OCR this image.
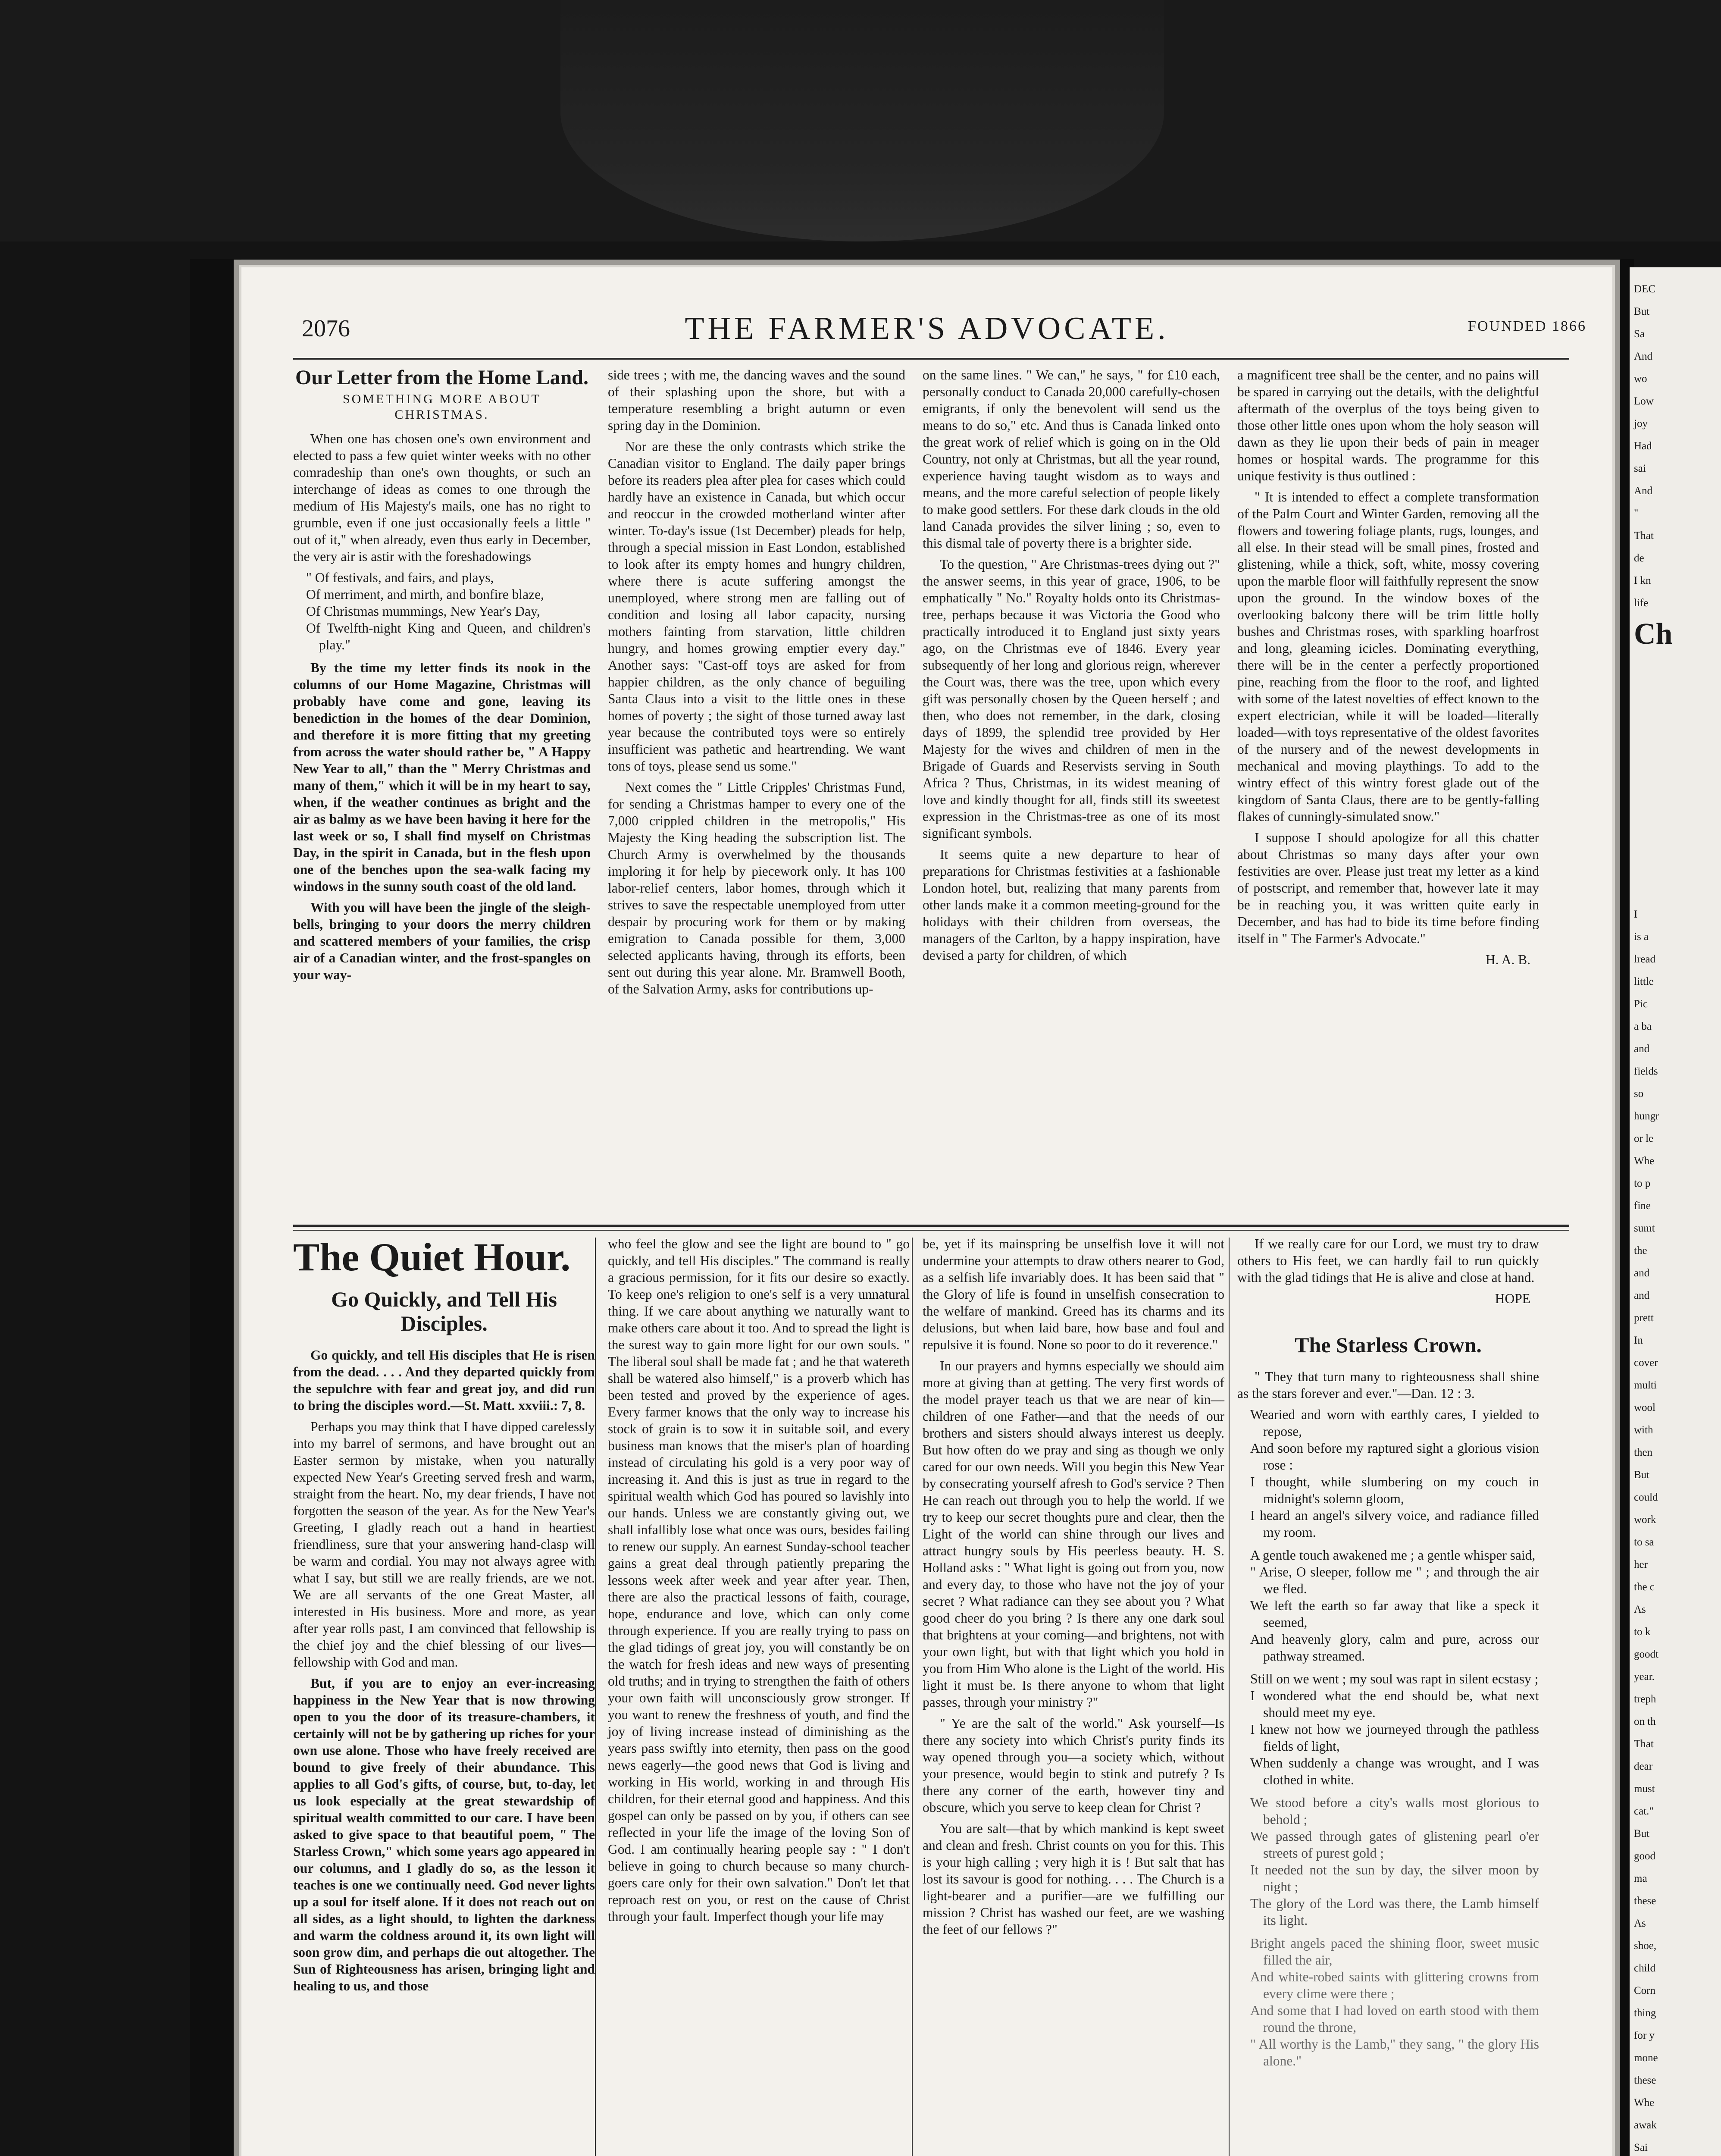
DEC
But
Sa
And
wo
Low
joy
Had
sai
And
"
That
de
I kn
life
Ch
I
is a
lread
little
Pic
a ba
and
fields
so
hungr
or le
Whe
to p
fine
sumt
the
and
and
prett
In
cover
multi
wool
with
then
But
could
work
to sa
her
the c
As
to k
goodt
year.
treph
on th
That
dear
must
cat."
But
good
ma
these
As
shoe,
child
Corn
thing
for y
mone
these
Whe
awak
Sai
2076	THE FARMER'S ADVOCATE.	FOUNDED 1866
Our Letter from the Home Land.
SOMETHING MORE ABOUT CHRISTMAS.

When one has chosen one's own environment and elected to pass a few quiet winter weeks with no other comradeship than one's own thoughts, or such an interchange of ideas as comes to one through the medium of His Majesty's mails, one has no right to grumble, even if one just occasionally feels a little " out of it," when already, even thus early in December, the very air is astir with the foreshadowings

" Of festivals, and fairs, and plays,
Of merriment, and mirth, and bonfire blaze,
Of Christmas mummings, New Year's Day,
Of Twelfth-night King and Queen, and children's play."

By the time my letter finds its nook in the columns of our Home Magazine, Christmas will probably have come and gone, leaving its benediction in the homes of the dear Dominion, and therefore it is more fitting that my greeting from across the water should rather be, " A Happy New Year to all," than the " Merry Christmas and many of them," which it will be in my heart to say, when, if the weather continues as bright and the air as balmy as we have been having it here for the last week or so, I shall find myself on Christmas Day, in the spirit in Canada, but in the flesh upon one of the benches upon the sea-walk facing my windows in the sunny south coast of the old land.

With you will have been the jingle of the sleigh-bells, bringing to your doors the merry children and scattered members of your families, the crisp air of a Canadian winter, and the frost-spangles on your way-

side trees ; with me, the dancing waves and the sound of their splashing upon the shore, but with a temperature resembling a bright autumn or even spring day in the Dominion.

Nor are these the only contrasts which strike the Canadian visitor to England. The daily paper brings before its readers plea after plea for cases which could hardly have an existence in Canada, but which occur and reoccur in the crowded motherland winter after winter. To-day's issue (1st December) pleads for help, through a special mission in East London, established to look after its empty homes and hungry children, where there is acute suffering amongst the unemployed, where strong men are falling out of condition and losing all labor capacity, nursing mothers fainting from starvation, little children hungry, and homes growing emptier every day." Another says: "Cast-off toys are asked for from happier children, as the only chance of beguiling Santa Claus into a visit to the little ones in these homes of poverty ; the sight of those turned away last year because the contributed toys were so entirely insufficient was pathetic and heartrending. We want tons of toys, please send us some."

Next comes the " Little Cripples' Christmas Fund, for sending a Christmas hamper to every one of the 7,000 crippled children in the metropolis," His Majesty the King heading the subscription list. The Church Army is overwhelmed by the thousands imploring it for help by piecework only. It has 100 labor-relief centers, labor homes, through which it strives to save the respectable unemployed from utter despair by procuring work for them or by making emigration to Canada possible for them, 3,000 selected applicants having, through its efforts, been sent out during this year alone. Mr. Bramwell Booth, of the Salvation Army, asks for contributions up-

on the same lines. " We can," he says, " for £10 each, personally conduct to Canada 20,000 carefully-chosen emigrants, if only the benevolent will send us the means to do so," etc. And thus is Canada linked onto the great work of relief which is going on in the Old Country, not only at Christmas, but all the year round, experience having taught wisdom as to ways and means, and the more careful selection of people likely to make good settlers. For these dark clouds in the old land Canada provides the silver lining ; so, even to this dismal tale of poverty there is a brighter side.

To the question, " Are Christmas-trees dying out ?" the answer seems, in this year of grace, 1906, to be emphatically " No." Royalty holds onto its Christmas-tree, perhaps because it was Victoria the Good who practically introduced it to England just sixty years ago, on the Christmas eve of 1846. Every year subsequently of her long and glorious reign, wherever the Court was, there was the tree, upon which every gift was personally chosen by the Queen herself ; and then, who does not remember, in the dark, closing days of 1899, the splendid tree provided by Her Majesty for the wives and children of men in the Brigade of Guards and Reservists serving in South Africa ? Thus, Christmas, in its widest meaning of love and kindly thought for all, finds still its sweetest expression in the Christmas-tree as one of its most significant symbols.

It seems quite a new departure to hear of preparations for Christmas festivities at a fashionable London hotel, but, realizing that many parents from other lands make it a common meeting-ground for the holidays with their children from overseas, the managers of the Carlton, by a happy inspiration, have devised a party for children, of which

a magnificent tree shall be the center, and no pains will be spared in carrying out the details, with the delightful aftermath of the overplus of the toys being given to those other little ones upon whom the holy season will dawn as they lie upon their beds of pain in meager homes or hospital wards. The programme for this unique festivity is thus outlined :

" It is intended to effect a complete transformation of the Palm Court and Winter Garden, removing all the flowers and towering foliage plants, rugs, lounges, and all else. In their stead will be small pines, frosted and glistening, while a thick, soft, white, mossy covering upon the marble floor will faithfully represent the snow upon the ground. In the window boxes of the overlooking balcony there will be trim little holly bushes and Christmas roses, with sparkling hoarfrost and long, gleaming icicles. Dominating everything, there will be in the center a perfectly proportioned pine, reaching from the floor to the roof, and lighted with some of the latest novelties of effect known to the expert electrician, while it will be loaded—literally loaded—with toys representative of the oldest favorites of the nursery and of the newest developments in mechanical and moving playthings. To add to the wintry effect of this wintry forest glade out of the kingdom of Santa Claus, there are to be gently-falling flakes of cunningly-simulated snow."

I suppose I should apologize for all this chatter about Christmas so many days after your own festivities are over. Please just treat my letter as a kind of postscript, and remember that, however late it may be in reaching you, it was written quite early in December, and has had to bide its time before finding itself in " The Farmer's Advocate."

H. A. B.
The Quiet Hour.
Go Quickly, and Tell His Disciples.

Go quickly, and tell His disciples that He is risen from the dead. . . . And they departed quickly from the sepulchre with fear and great joy, and did run to bring the disciples word.—St. Matt. xxviii.: 7, 8.

Perhaps you may think that I have dipped carelessly into my barrel of sermons, and have brought out an Easter sermon by mistake, when you naturally expected New Year's Greeting served fresh and warm, straight from the heart. No, my dear friends, I have not forgotten the season of the year. As for the New Year's Greeting, I gladly reach out a hand in heartiest friendliness, sure that your answering hand-clasp will be warm and cordial. You may not always agree with what I say, but still we are really friends, are we not. We are all servants of the one Great Master, all interested in His business. More and more, as year after year rolls past, I am convinced that fellowship is the chief joy and the chief blessing of our lives—fellowship with God and man.

But, if you are to enjoy an ever-increasing happiness in the New Year that is now throwing open to you the door of its treasure-chambers, it certainly will not be by gathering up riches for your own use alone. Those who have freely received are bound to give freely of their abundance. This applies to all God's gifts, of course, but, to-day, let us look especially at the great stewardship of spiritual wealth committed to our care. I have been asked to give space to that beautiful poem, " The Starless Crown," which some years ago appeared in our columns, and I gladly do so, as the lesson it teaches is one we continually need. God never lights up a soul for itself alone. If it does not reach out on all sides, as a light should, to lighten the darkness and warm the coldness around it, its own light will soon grow dim, and perhaps die out altogether. The Sun of Righteousness has arisen, bringing light and healing to us, and those

who feel the glow and see the light are bound to " go quickly, and tell His disciples." The command is really a gracious permission, for it fits our desire so exactly. To keep one's religion to one's self is a very unnatural thing. If we care about anything we naturally want to make others care about it too. And to spread the light is the surest way to gain more light for our own souls. " The liberal soul shall be made fat ; and he that watereth shall be watered also himself," is a proverb which has been tested and proved by the experience of ages. Every farmer knows that the only way to increase his stock of grain is to sow it in suitable soil, and every business man knows that the miser's plan of hoarding instead of circulating his gold is a very poor way of increasing it. And this is just as true in regard to the spiritual wealth which God has poured so lavishly into our hands. Unless we are constantly giving out, we shall infallibly lose what once was ours, besides failing to renew our supply. An earnest Sunday-school teacher gains a great deal through patiently preparing the lessons week after week and year after year. Then, there are also the practical lessons of faith, courage, hope, endurance and love, which can only come through experience. If you are really trying to pass on the glad tidings of great joy, you will constantly be on the watch for fresh ideas and new ways of presenting old truths; and in trying to strengthen the faith of others your own faith will unconsciously grow stronger. If you want to renew the freshness of youth, and find the joy of living increase instead of diminishing as the years pass swiftly into eternity, then pass on the good news eagerly—the good news that God is living and working in His world, working in and through His children, for their eternal good and happiness. And this gospel can only be passed on by you, if others can see reflected in your life the image of the loving Son of God. I am continually hearing people say : " I don't believe in going to church because so many church-goers care only for their own salvation." Don't let that reproach rest on you, or rest on the cause of Christ through your fault. Imperfect though your life may

be, yet if its mainspring be unselfish love it will not undermine your attempts to draw others nearer to God, as a selfish life invariably does. It has been said that " the Glory of life is found in unselfish consecration to the welfare of mankind. Greed has its charms and its delusions, but when laid bare, how base and foul and repulsive it is found. None so poor to do it reverence."

In our prayers and hymns especially we should aim more at giving than at getting. The very first words of the model prayer teach us that we are near of kin—children of one Father—and that the needs of our brothers and sisters should always interest us deeply. But how often do we pray and sing as though we only cared for our own needs. Will you begin this New Year by consecrating yourself afresh to God's service ? Then He can reach out through you to help the world. If we try to keep our secret thoughts pure and clear, then the Light of the world can shine through our lives and attract hungry souls by His peerless beauty. H. S. Holland asks : " What light is going out from you, now and every day, to those who have not the joy of your secret ? What radiance can they see about you ? What good cheer do you bring ? Is there any one dark soul that brightens at your coming—and brightens, not with your own light, but with that light which you hold in you from Him Who alone is the Light of the world. His light it must be. Is there anyone to whom that light passes, through your ministry ?"

" Ye are the salt of the world." Ask yourself—Is there any society into which Christ's purity finds its way opened through you—a society which, without your presence, would begin to stink and putrefy ? Is there any corner of the earth, however tiny and obscure, which you serve to keep clean for Christ ?

You are salt—that by which mankind is kept sweet and clean and fresh. Christ counts on you for this. This is your high calling ; very high it is ! But salt that has lost its savour is good for nothing. . . . The Church is a light-bearer and a purifier—are we fulfilling our mission ? Christ has washed our feet, are we washing the feet of our fellows ?"

If we really care for our Lord, we must try to draw others to His feet, we can hardly fail to run quickly with the glad tidings that He is alive and close at hand.

HOPE
The Starless Crown.

" They that turn many to righteousness shall shine as the stars forever and ever."—Dan. 12 : 3.

Wearied and worn with earthly cares, I yielded to repose,
And soon before my raptured sight a glorious vision rose :
I thought, while slumbering on my couch in midnight's solemn gloom,
I heard an angel's silvery voice, and radiance filled my room.
A gentle touch awakened me ; a gentle whisper said,
" Arise, O sleeper, follow me " ; and through the air we fled.
We left the earth so far away that like a speck it seemed,
And heavenly glory, calm and pure, across our pathway streamed.
Still on we went ; my soul was rapt in silent ecstasy ;
I wondered what the end should be, what next should meet my eye.
I knew not how we journeyed through the pathless fields of light,
When suddenly a change was wrought, and I was clothed in white.
We stood before a city's walls most glorious to behold ;
We passed through gates of glistening pearl o'er streets of purest gold ;
It needed not the sun by day, the silver moon by night ;
The glory of the Lord was there, the Lamb himself its light.
Bright angels paced the shining floor, sweet music filled the air,
And white-robed saints with glittering crowns from every clime were there ;
And some that I had loved on earth stood with them round the throne,
" All worthy is the Lamb," they sang, " the glory His alone."
